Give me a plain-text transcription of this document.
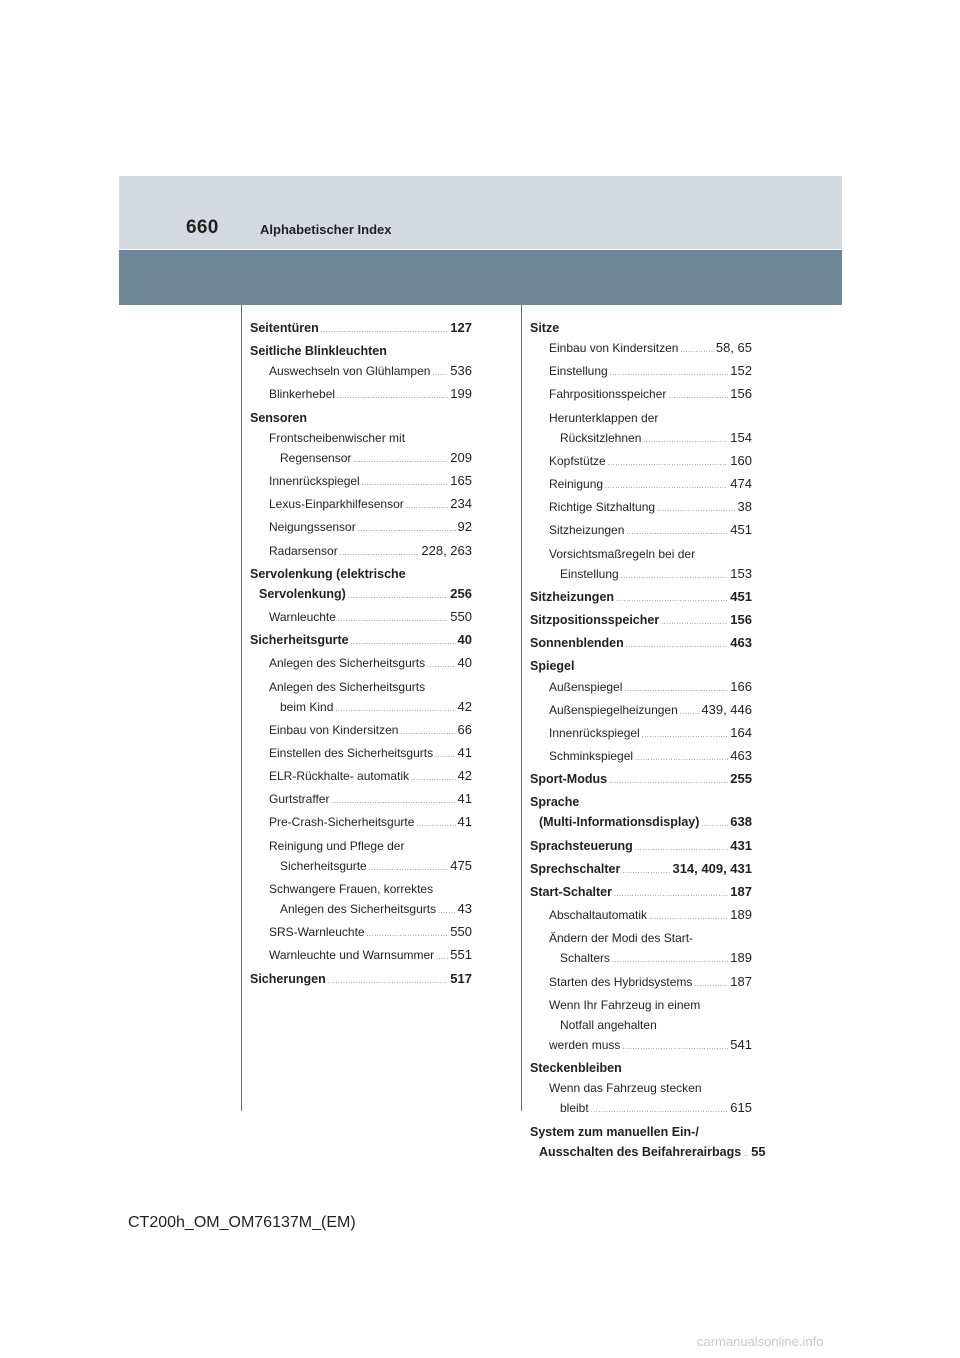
660	Alphabetischer Index
Seitentüren .....	127
Seitliche Blinkleuchten
Auswechseln von Glühlampen ..... 536
Blinkerhebel .....	199
Sensoren
Frontscheibenwischer mit
Regensensor .....	209
Innenrückspiegel .....	165
Lexus-Einparkhilfesensor .....	234
Neigungssensor .....	92
Radarsensor .....	228, 263
Servolenkung (elektrische
Servolenkung) .....	256
Warnleuchte .....	550
Sicherheitsgurte .....	40
Anlegen des Sicherheitsgurts ..... 40
Anlegen des Sicherheitsgurts
beim Kind .....	42
Einbau von Kindersitzen .....	66
Einstellen des Sicherheitsgurts ..... 41
ELR-Rückhalte- automatik .....	42
Gurtstraffer .....	41
Pre-Crash-Sicherheitsgurte .....	41
Reinigung und Pflege der
Sicherheitsgurte .....	475
Schwangere Frauen, korrektes
Anlegen des Sicherheitsgurts ..... 43
SRS-Warnleuchte .....	550
Warnleuchte und Warnsummer ..... 551
Sicherungen .....	517
Sitze
Einbau von Kindersitzen .....	58, 65
Einstellung .....	152
Fahrpositionsspeicher .....	156
Herunterklappen der
Rücksitzlehnen .....	154
Kopfstütze .....	160
Reinigung .....	474
Richtige Sitzhaltung .....	38
Sitzheizungen .....	451
Vorsichtsmaßregeln bei der
Einstellung .....	153
Sitzheizungen .....	451
Sitzpositionsspeicher .....	156
Sonnenblenden .....	463
Spiegel
Außenspiegel .....	166
Außenspiegelheizungen ..... 439, 446
Innenrückspiegel .....	164
Schminkspiegel .....	463
Sport-Modus .....	255
Sprache
(Multi-Informationsdisplay) ..... 638
Sprachsteuerung .....	431
Sprechschalter .....	314, 409, 431
Start-Schalter .....	187
Abschaltautomatik .....	189
Ändern der Modi des Start-
Schalters .....	189
Starten des Hybridsystems .....	187
Wenn Ihr Fahrzeug in einem
Notfall angehalten
werden muss .....	541
Steckenbleiben
Wenn das Fahrzeug stecken
bleibt .....	615
System zum manuellen Ein-/
Ausschalten des Beifahrerairbags ..... 55
CT200h_OM_OM76137M_(EM)
carmanualsonline.info
